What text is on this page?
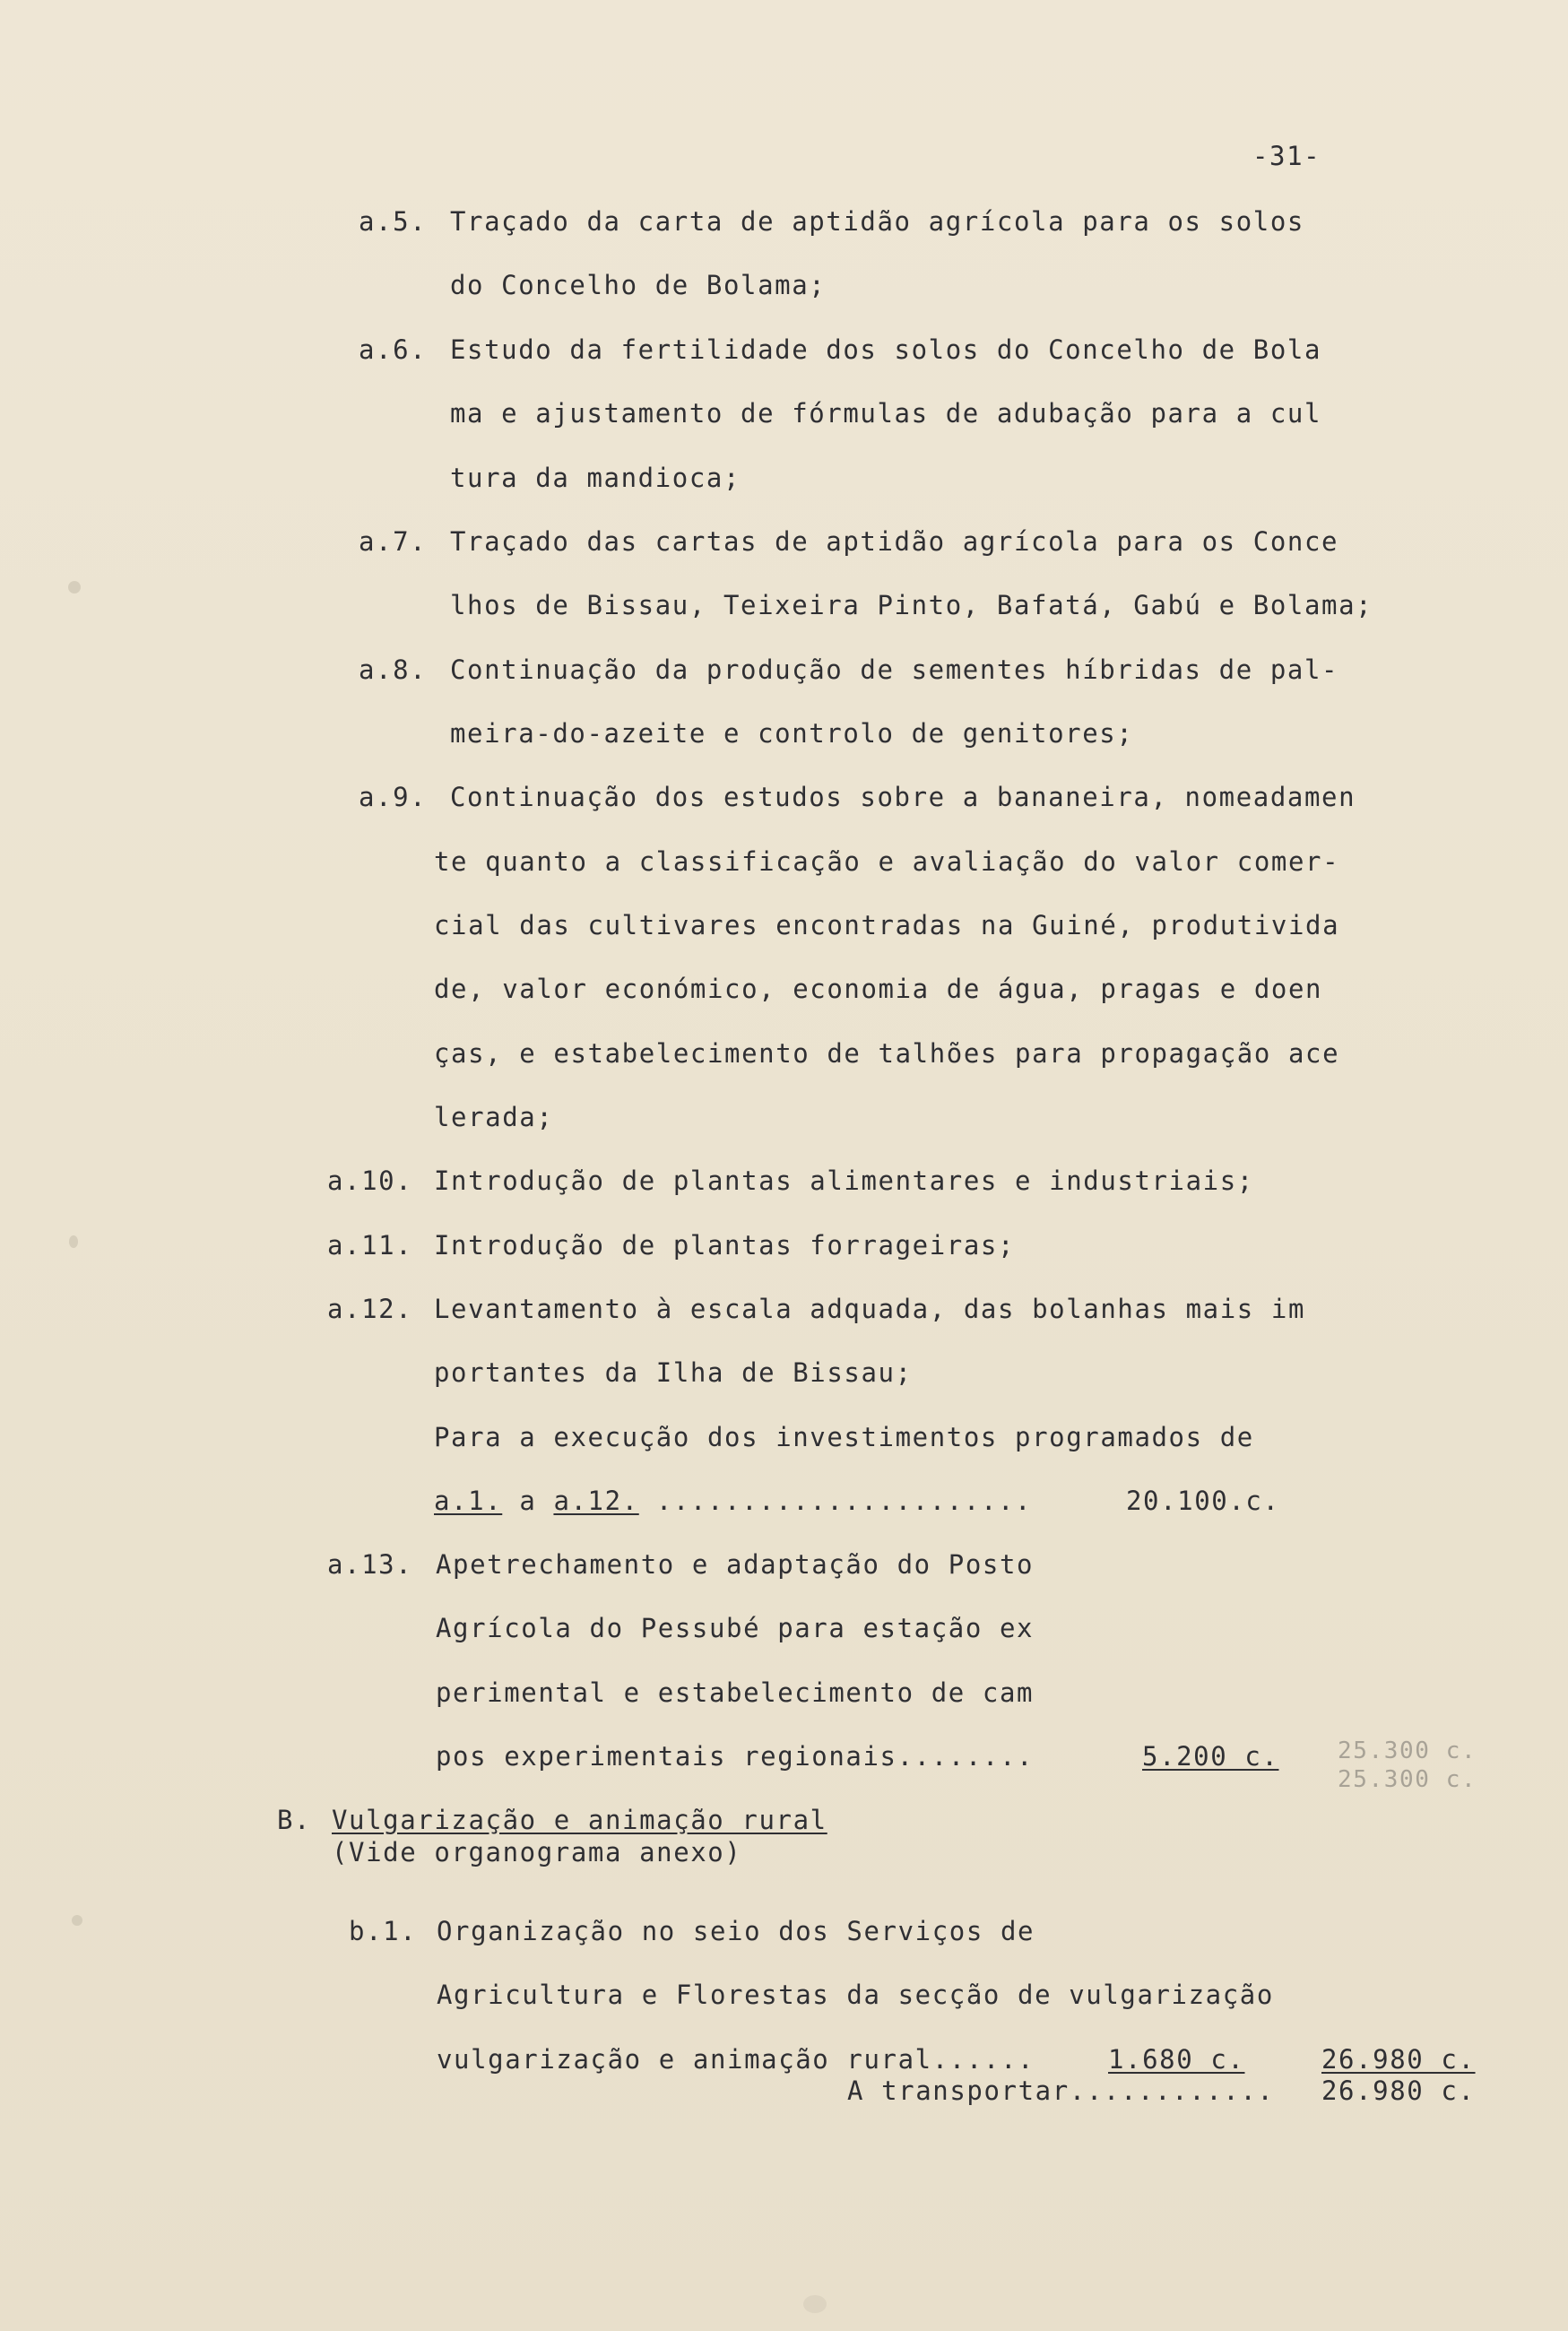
-31-
a.5. Traçado da carta de aptidão agrícola para os solos
do Concelho de Bolama;
a.6. Estudo da fertilidade dos solos do Concelho de Bola
ma e ajustamento de fórmulas de adubação para a cul
tura da mandioca;
a.7. Traçado das cartas de aptidão agrícola para os Conce
lhos de Bissau, Teixeira Pinto, Bafatá, Gabú e Bolama;
a.8. Continuação da produção de sementes híbridas de pal-
meira-do-azeite e controlo de genitores;
a.9. Continuação dos estudos sobre a bananeira, nomeadamen
te quanto a classificação e avaliação do valor comer-
cial das cultivares encontradas na Guiné, produtivida
de, valor económico, economia de água, pragas e doen
ças, e estabelecimento de talhões para propagação ace
lerada;
a.10. Introdução de plantas alimentares e industriais;
a.11. Introdução de plantas forrageiras;
a.12. Levantamento à escala adquada, das bolanhas mais im
portantes da Ilha de Bissau;
Para a execução dos investimentos programados de
a.1. a a.12. ......................	20.100.c.
a.13. Apetrechamento e adaptação do Posto
Agrícola do Pessubé para estação ex
perimental e estabelecimento de cam
pos experimentais regionais........	5.200 c.	25.300 c.
25.300 c.
B. Vulgarização e animação rural
(Vide organograma anexo)
b.1. Organização no seio dos Serviços de
Agricultura e Florestas da secção de vulgarização
vulgarização e animação rural......	1.680 c.	26.980 c.
A transportar............ 26.980 c.
